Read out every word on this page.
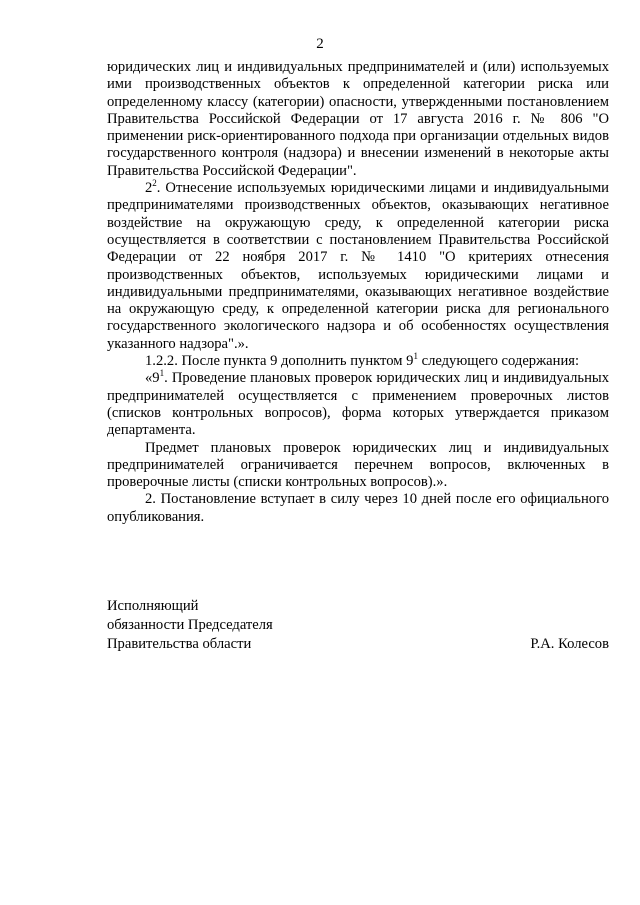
2

юридических лиц и индивидуальных предпринимателей и (или) используемых ими производственных объектов к определенной категории риска или определенному классу (категории) опасности, утвержденными постановлением Правительства Российской Федерации от 17 августа 2016 г. № 806 "О применении риск-ориентированного подхода при организации отдельных видов государственного контроля (надзора) и внесении изменений в некоторые акты Правительства Российской Федерации".

$2^2$. Отнесение используемых юридическими лицами и индивидуальными предпринимателями производственных объектов, оказывающих негативное воздействие на окружающую среду, к определенной категории риска осуществляется в соответствии с постановлением Правительства Российской Федерации от 22 ноября 2017 г. № 1410 "О критериях отнесения производственных объектов, используемых юридическими лицами и индивидуальными предпринимателями, оказывающих негативное воздействие на окружающую среду, к определенной категории риска для регионального государственного экологического надзора и об особенностях осуществления указанного надзора".».

1.2.2. После пункта 9 дополнить пунктом $9^1$ следующего содержания:

«$9^1$. Проведение плановых проверок юридических лиц и индивидуальных предпринимателей осуществляется с применением проверочных листов (списков контрольных вопросов), форма которых утверждается приказом департамента.

Предмет плановых проверок юридических лиц и индивидуальных предпринимателей ограничивается перечнем вопросов, включенных в проверочные листы (списки контрольных вопросов).».

2. Постановление вступает в силу через 10 дней после его официального опубликования.

Исполняющий
обязанности Председателя
Правительства области	Р.А. Колесов
